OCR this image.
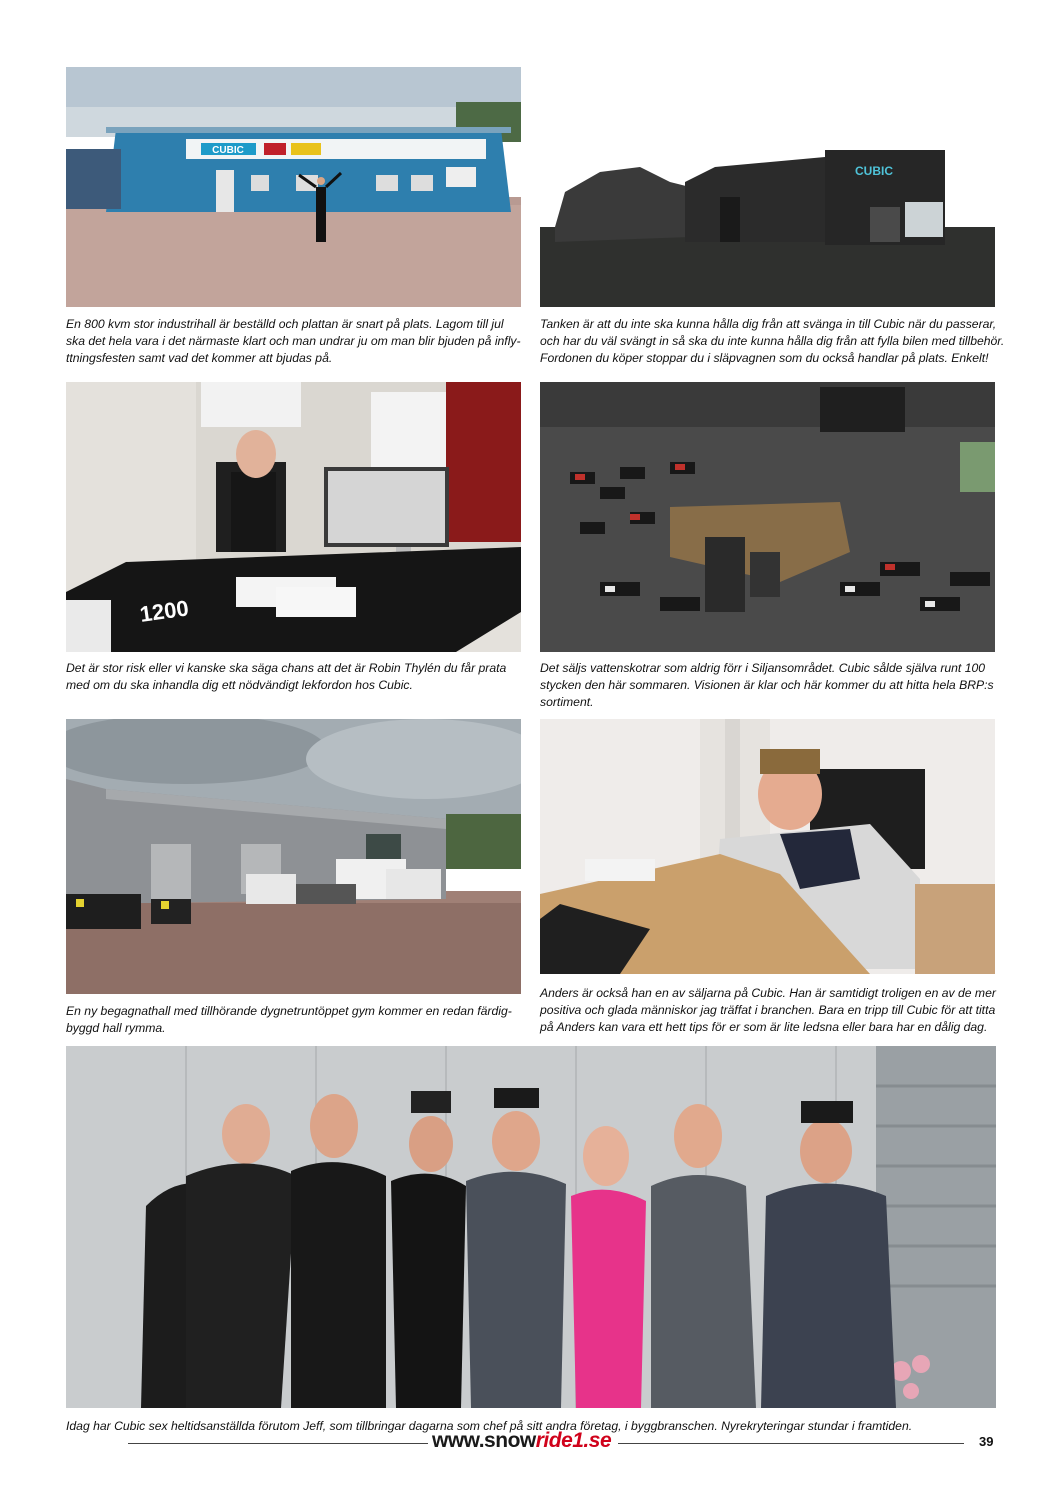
CUBIC
CUBIC

En 800 kvm stor industrihall är beställd och plattan är snart på plats. Lagom till jul
ska det hela vara i det närmaste klart och man undrar ju om man blir bjuden på infly-
ttningsfesten samt vad det kommer att bjudas på.

Tanken är att du inte ska kunna hålla dig från att svänga in till Cubic när du passerar,
och har du väl svängt in så ska du inte kunna hålla dig från att fylla bilen med tillbehör.
Fordonen du köper stoppar du i släpvagnen som du också handlar på plats. Enkelt!

1200

Det är stor risk eller vi kanske ska säga chans att det är Robin Thylén du får prata
med om du ska inhandla dig ett nödvändigt lekfordon hos Cubic.

Det säljs vattenskotrar som aldrig förr i Siljansområdet. Cubic sålde själva runt 100
stycken den här sommaren. Visionen är klar och här kommer du att hitta hela BRP:s
sortiment.

En ny begagnathall med tillhörande dygnetruntöppet gym kommer en redan färdig-
byggd hall rymma.

Anders är också han en av säljarna på Cubic. Han är samtidigt troligen en av de mer
positiva och glada människor jag träffat i branchen. Bara en tripp till Cubic för att titta
på Anders kan vara ett hett tips för er som är lite ledsna eller bara har en dålig dag.

Idag har Cubic sex heltidsanställda förutom Jeff, som tillbringar dagarna som chef på sitt andra företag, i byggbranschen. Nyrekryteringar stundar i framtiden.

www.snowride1.se	39
